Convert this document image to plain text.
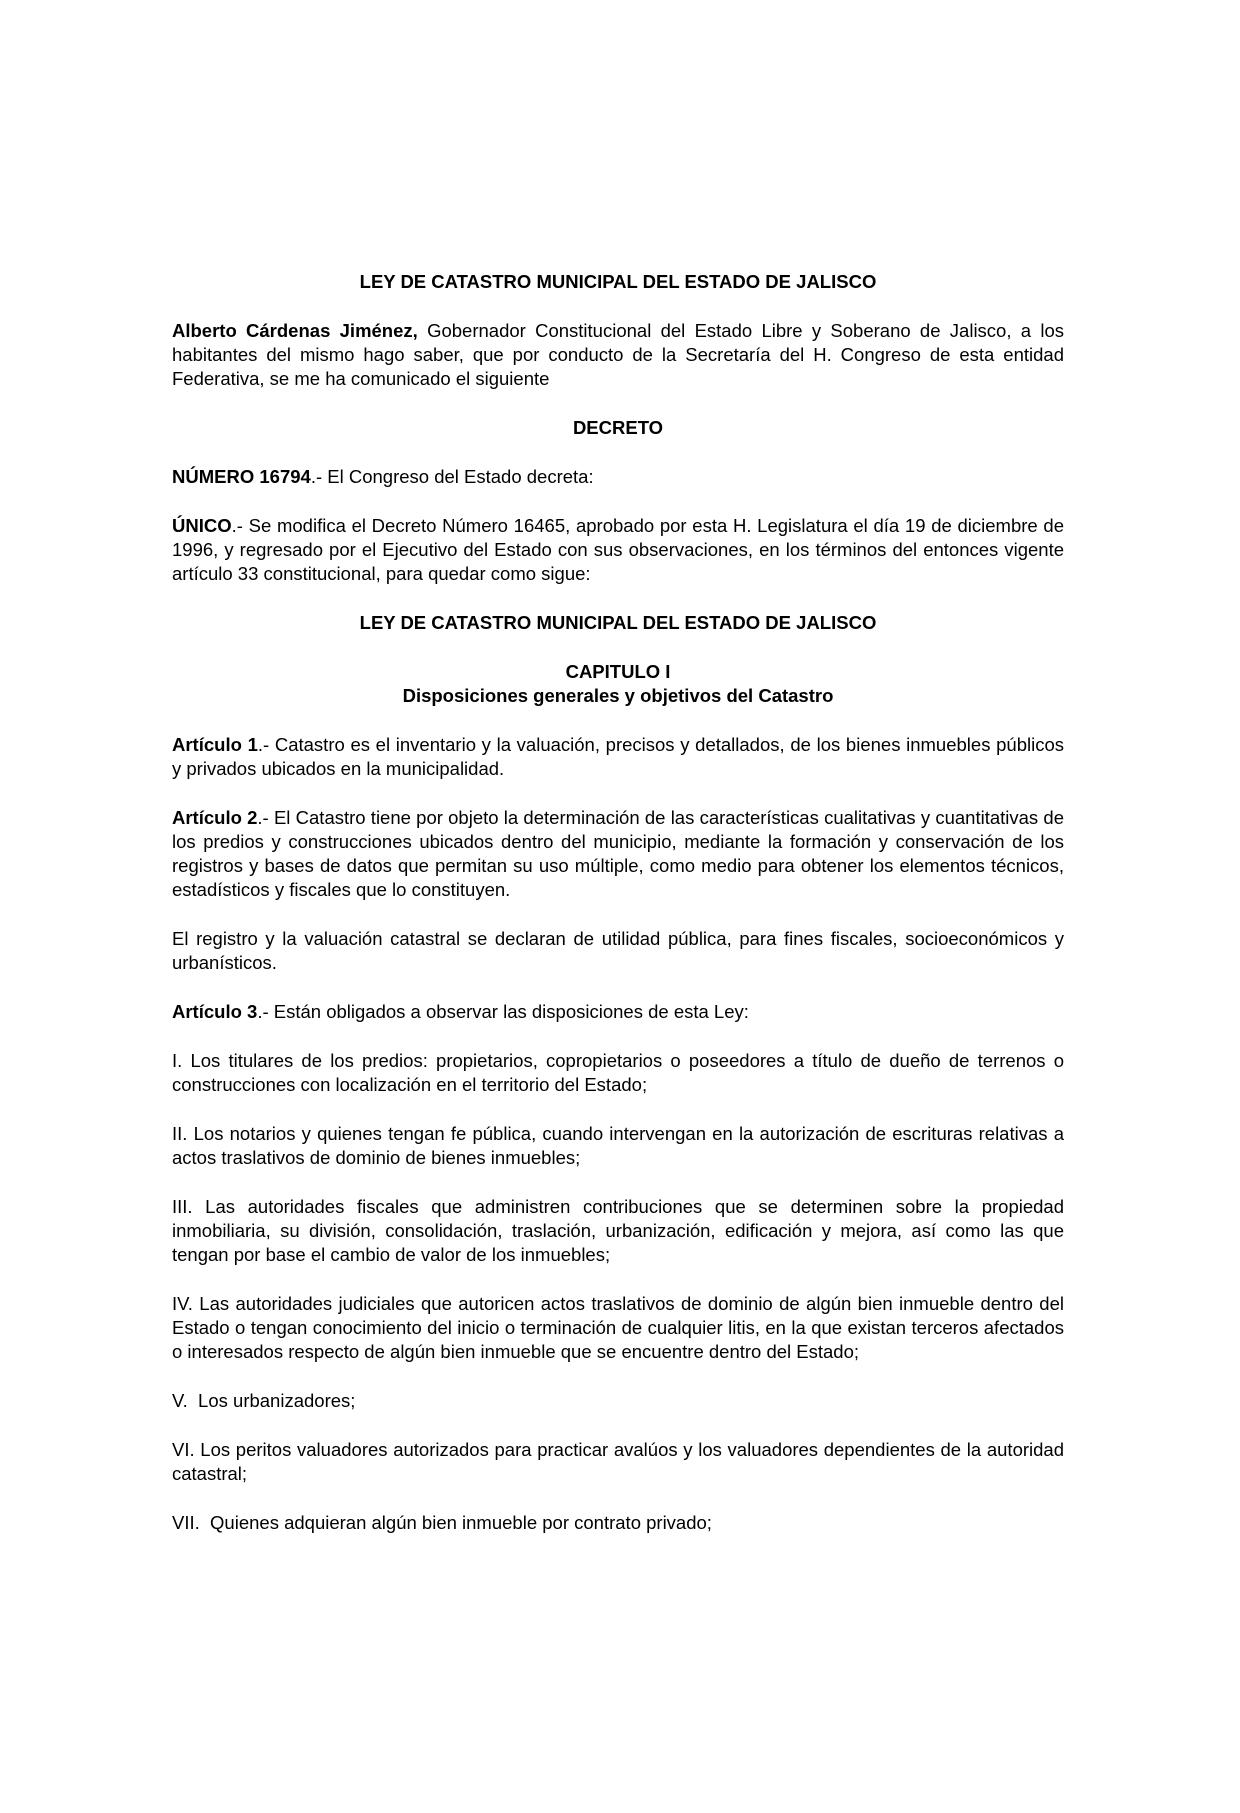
LEY DE CATASTRO MUNICIPAL DEL ESTADO DE JALISCO

Alberto Cárdenas Jiménez, Gobernador Constitucional del Estado Libre y Soberano de Jalisco, a los habitantes del mismo hago saber, que por conducto de la Secretaría del H. Congreso de esta entidad Federativa, se me ha comunicado el siguiente

DECRETO

NÚMERO 16794.- El Congreso del Estado decreta:

ÚNICO.- Se modifica el Decreto Número 16465, aprobado por esta H. Legislatura el día 19 de diciembre de 1996, y regresado por el Ejecutivo del Estado con sus observaciones, en los términos del entonces vigente artículo 33 constitucional, para quedar como sigue:

LEY DE CATASTRO MUNICIPAL DEL ESTADO DE JALISCO
CAPITULO I
Disposiciones generales y objetivos del Catastro

Artículo 1.- Catastro es el inventario y la valuación, precisos y detallados, de los bienes inmuebles públicos y privados ubicados en la municipalidad.

Artículo 2.- El Catastro tiene por objeto la determinación de las características cualitativas y cuantitativas de los predios y construcciones ubicados dentro del municipio, mediante la formación y conservación de los registros y bases de datos que permitan su uso múltiple, como medio para obtener los elementos técnicos, estadísticos y fiscales que lo constituyen.

El registro y la valuación catastral se declaran de utilidad pública, para fines fiscales, socioeconómicos y urbanísticos.

Artículo 3.- Están obligados a observar las disposiciones de esta Ley:

I. Los titulares de los predios: propietarios, copropietarios o poseedores a título de dueño de terrenos o construcciones con localización en el territorio del Estado;

II. Los notarios y quienes tengan fe pública, cuando intervengan en la autorización de escrituras relativas a actos traslativos de dominio de bienes inmuebles;

III. Las autoridades fiscales que administren contribuciones que se determinen sobre la propiedad inmobiliaria, su división, consolidación, traslación, urbanización, edificación y mejora, así como las que tengan por base el cambio de valor de los inmuebles;

IV. Las autoridades judiciales que autoricen actos traslativos de dominio de algún bien inmueble dentro del Estado o tengan conocimiento del inicio o terminación de cualquier litis, en la que existan terceros afectados o interesados respecto de algún bien inmueble que se encuentre dentro del Estado;

V.  Los urbanizadores;

VI. Los peritos valuadores autorizados para practicar avalúos y los valuadores dependientes de la autoridad catastral;

VII.  Quienes adquieran algún bien inmueble por contrato privado;
